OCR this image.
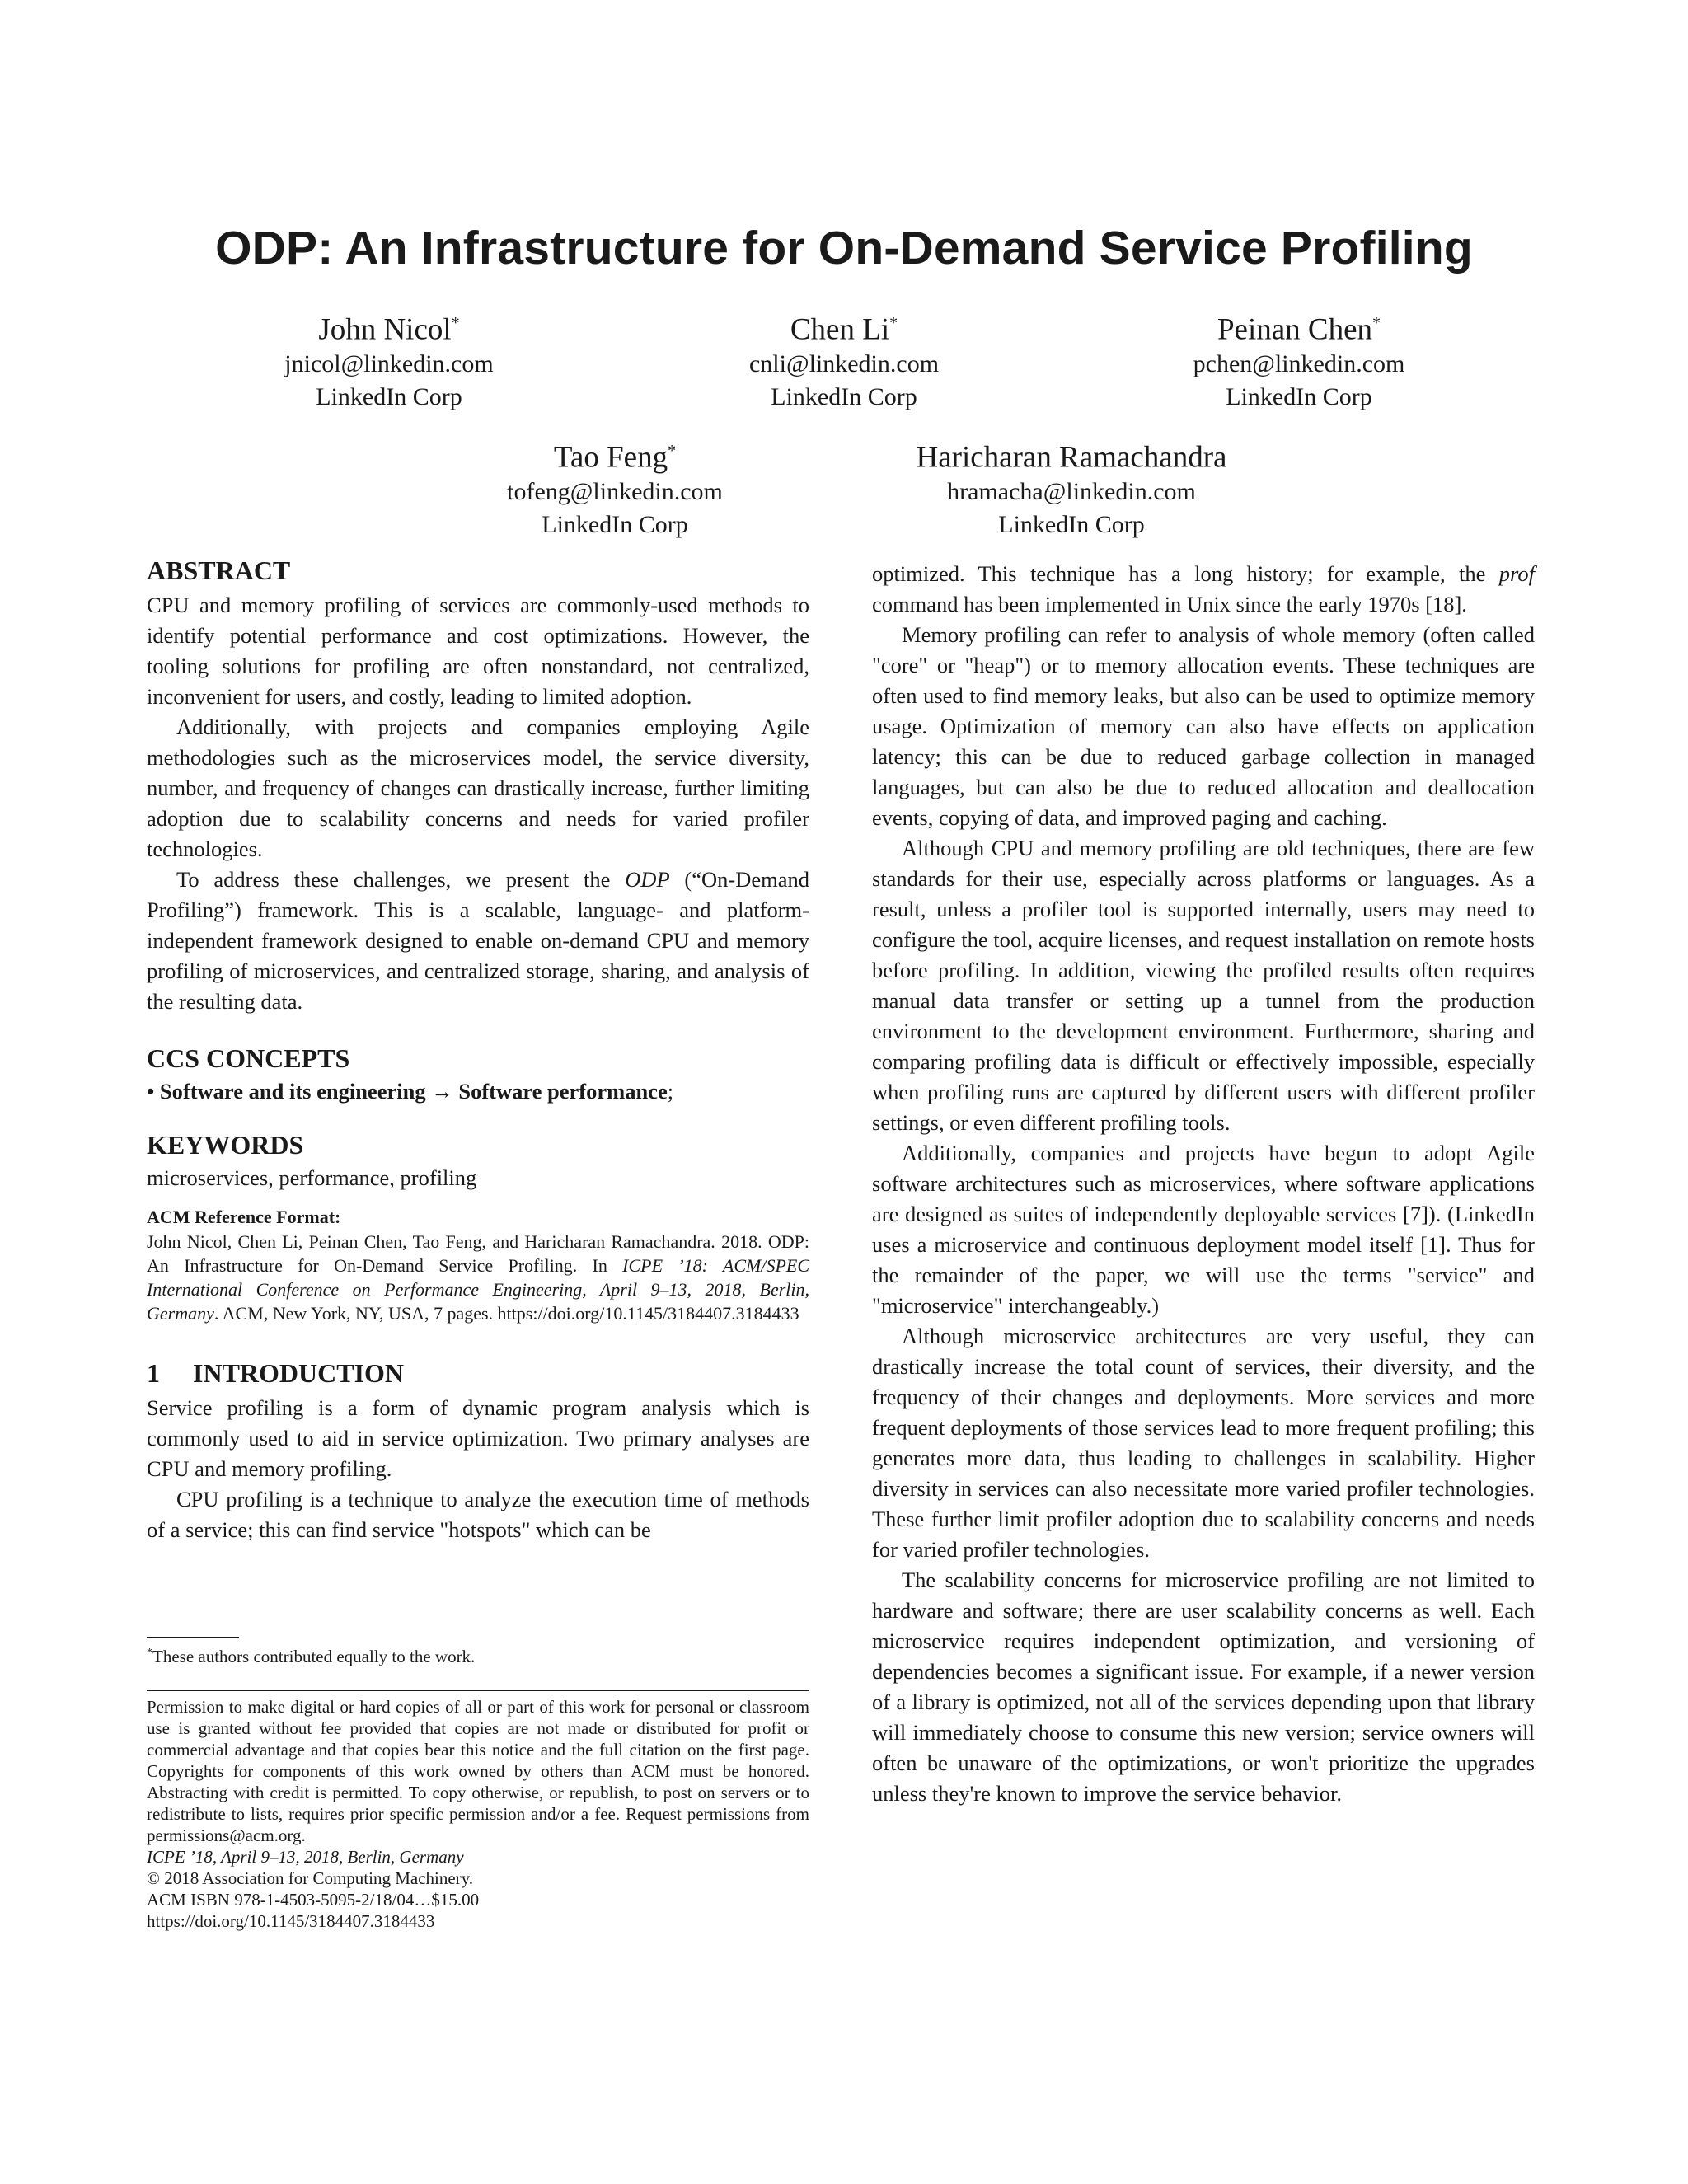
ODP: An Infrastructure for On-Demand Service Profiling
John Nicol*
jnicol@linkedin.com
LinkedIn Corp
Chen Li*
cnli@linkedin.com
LinkedIn Corp
Peinan Chen*
pchen@linkedin.com
LinkedIn Corp
Tao Feng*
tofeng@linkedin.com
LinkedIn Corp
Haricharan Ramachandra
hramacha@linkedin.com
LinkedIn Corp
ABSTRACT

CPU and memory profiling of services are commonly-used methods to identify potential performance and cost optimizations. However, the tooling solutions for profiling are often nonstandard, not centralized, inconvenient for users, and costly, leading to limited adoption.

Additionally, with projects and companies employing Agile methodologies such as the microservices model, the service diversity, number, and frequency of changes can drastically increase, further limiting adoption due to scalability concerns and needs for varied profiler technologies.

To address these challenges, we present the ODP (“On-Demand Profiling”) framework. This is a scalable, language- and platform-independent framework designed to enable on-demand CPU and memory profiling of microservices, and centralized storage, sharing, and analysis of the resulting data.

CCS CONCEPTS

• Software and its engineering → Software performance;

KEYWORDS

microservices, performance, profiling

ACM Reference Format:
John Nicol, Chen Li, Peinan Chen, Tao Feng, and Haricharan Ramachandra. 2018. ODP: An Infrastructure for On-Demand Service Profiling. In ICPE ’18: ACM/SPEC International Conference on Performance Engineering, April 9–13, 2018, Berlin, Germany. ACM, New York, NY, USA, 7 pages. https://doi.org/10.1145/3184407.3184433
1 INTRODUCTION

Service profiling is a form of dynamic program analysis which is commonly used to aid in service optimization. Two primary analyses are CPU and memory profiling.

CPU profiling is a technique to analyze the execution time of methods of a service; this can find service "hotspots" which can be

*These authors contributed equally to the work.

Permission to make digital or hard copies of all or part of this work for personal or classroom use is granted without fee provided that copies are not made or distributed for profit or commercial advantage and that copies bear this notice and the full citation on the first page. Copyrights for components of this work owned by others than ACM must be honored. Abstracting with credit is permitted. To copy otherwise, or republish, to post on servers or to redistribute to lists, requires prior specific permission and/or a fee. Request permissions from permissions@acm.org.

ICPE ’18, April 9–13, 2018, Berlin, Germany

© 2018 Association for Computing Machinery.

ACM ISBN 978-1-4503-5095-2/18/04…$15.00

https://doi.org/10.1145/3184407.3184433

optimized. This technique has a long history; for example, the prof command has been implemented in Unix since the early 1970s [18].

Memory profiling can refer to analysis of whole memory (often called "core" or "heap") or to memory allocation events. These techniques are often used to find memory leaks, but also can be used to optimize memory usage. Optimization of memory can also have effects on application latency; this can be due to reduced garbage collection in managed languages, but can also be due to reduced allocation and deallocation events, copying of data, and improved paging and caching.

Although CPU and memory profiling are old techniques, there are few standards for their use, especially across platforms or languages. As a result, unless a profiler tool is supported internally, users may need to configure the tool, acquire licenses, and request installation on remote hosts before profiling. In addition, viewing the profiled results often requires manual data transfer or setting up a tunnel from the production environment to the development environment. Furthermore, sharing and comparing profiling data is difficult or effectively impossible, especially when profiling runs are captured by different users with different profiler settings, or even different profiling tools.

Additionally, companies and projects have begun to adopt Agile software architectures such as microservices, where software applications are designed as suites of independently deployable services [7]). (LinkedIn uses a microservice and continuous deployment model itself [1]. Thus for the remainder of the paper, we will use the terms "service" and "microservice" interchangeably.)

Although microservice architectures are very useful, they can drastically increase the total count of services, their diversity, and the frequency of their changes and deployments. More services and more frequent deployments of those services lead to more frequent profiling; this generates more data, thus leading to challenges in scalability. Higher diversity in services can also necessitate more varied profiler technologies. These further limit profiler adoption due to scalability concerns and needs for varied profiler technologies.

The scalability concerns for microservice profiling are not limited to hardware and software; there are user scalability concerns as well. Each microservice requires independent optimization, and versioning of dependencies becomes a significant issue. For example, if a newer version of a library is optimized, not all of the services depending upon that library will immediately choose to consume this new version; service owners will often be unaware of the optimizations, or won't prioritize the upgrades unless they're known to improve the service behavior.
